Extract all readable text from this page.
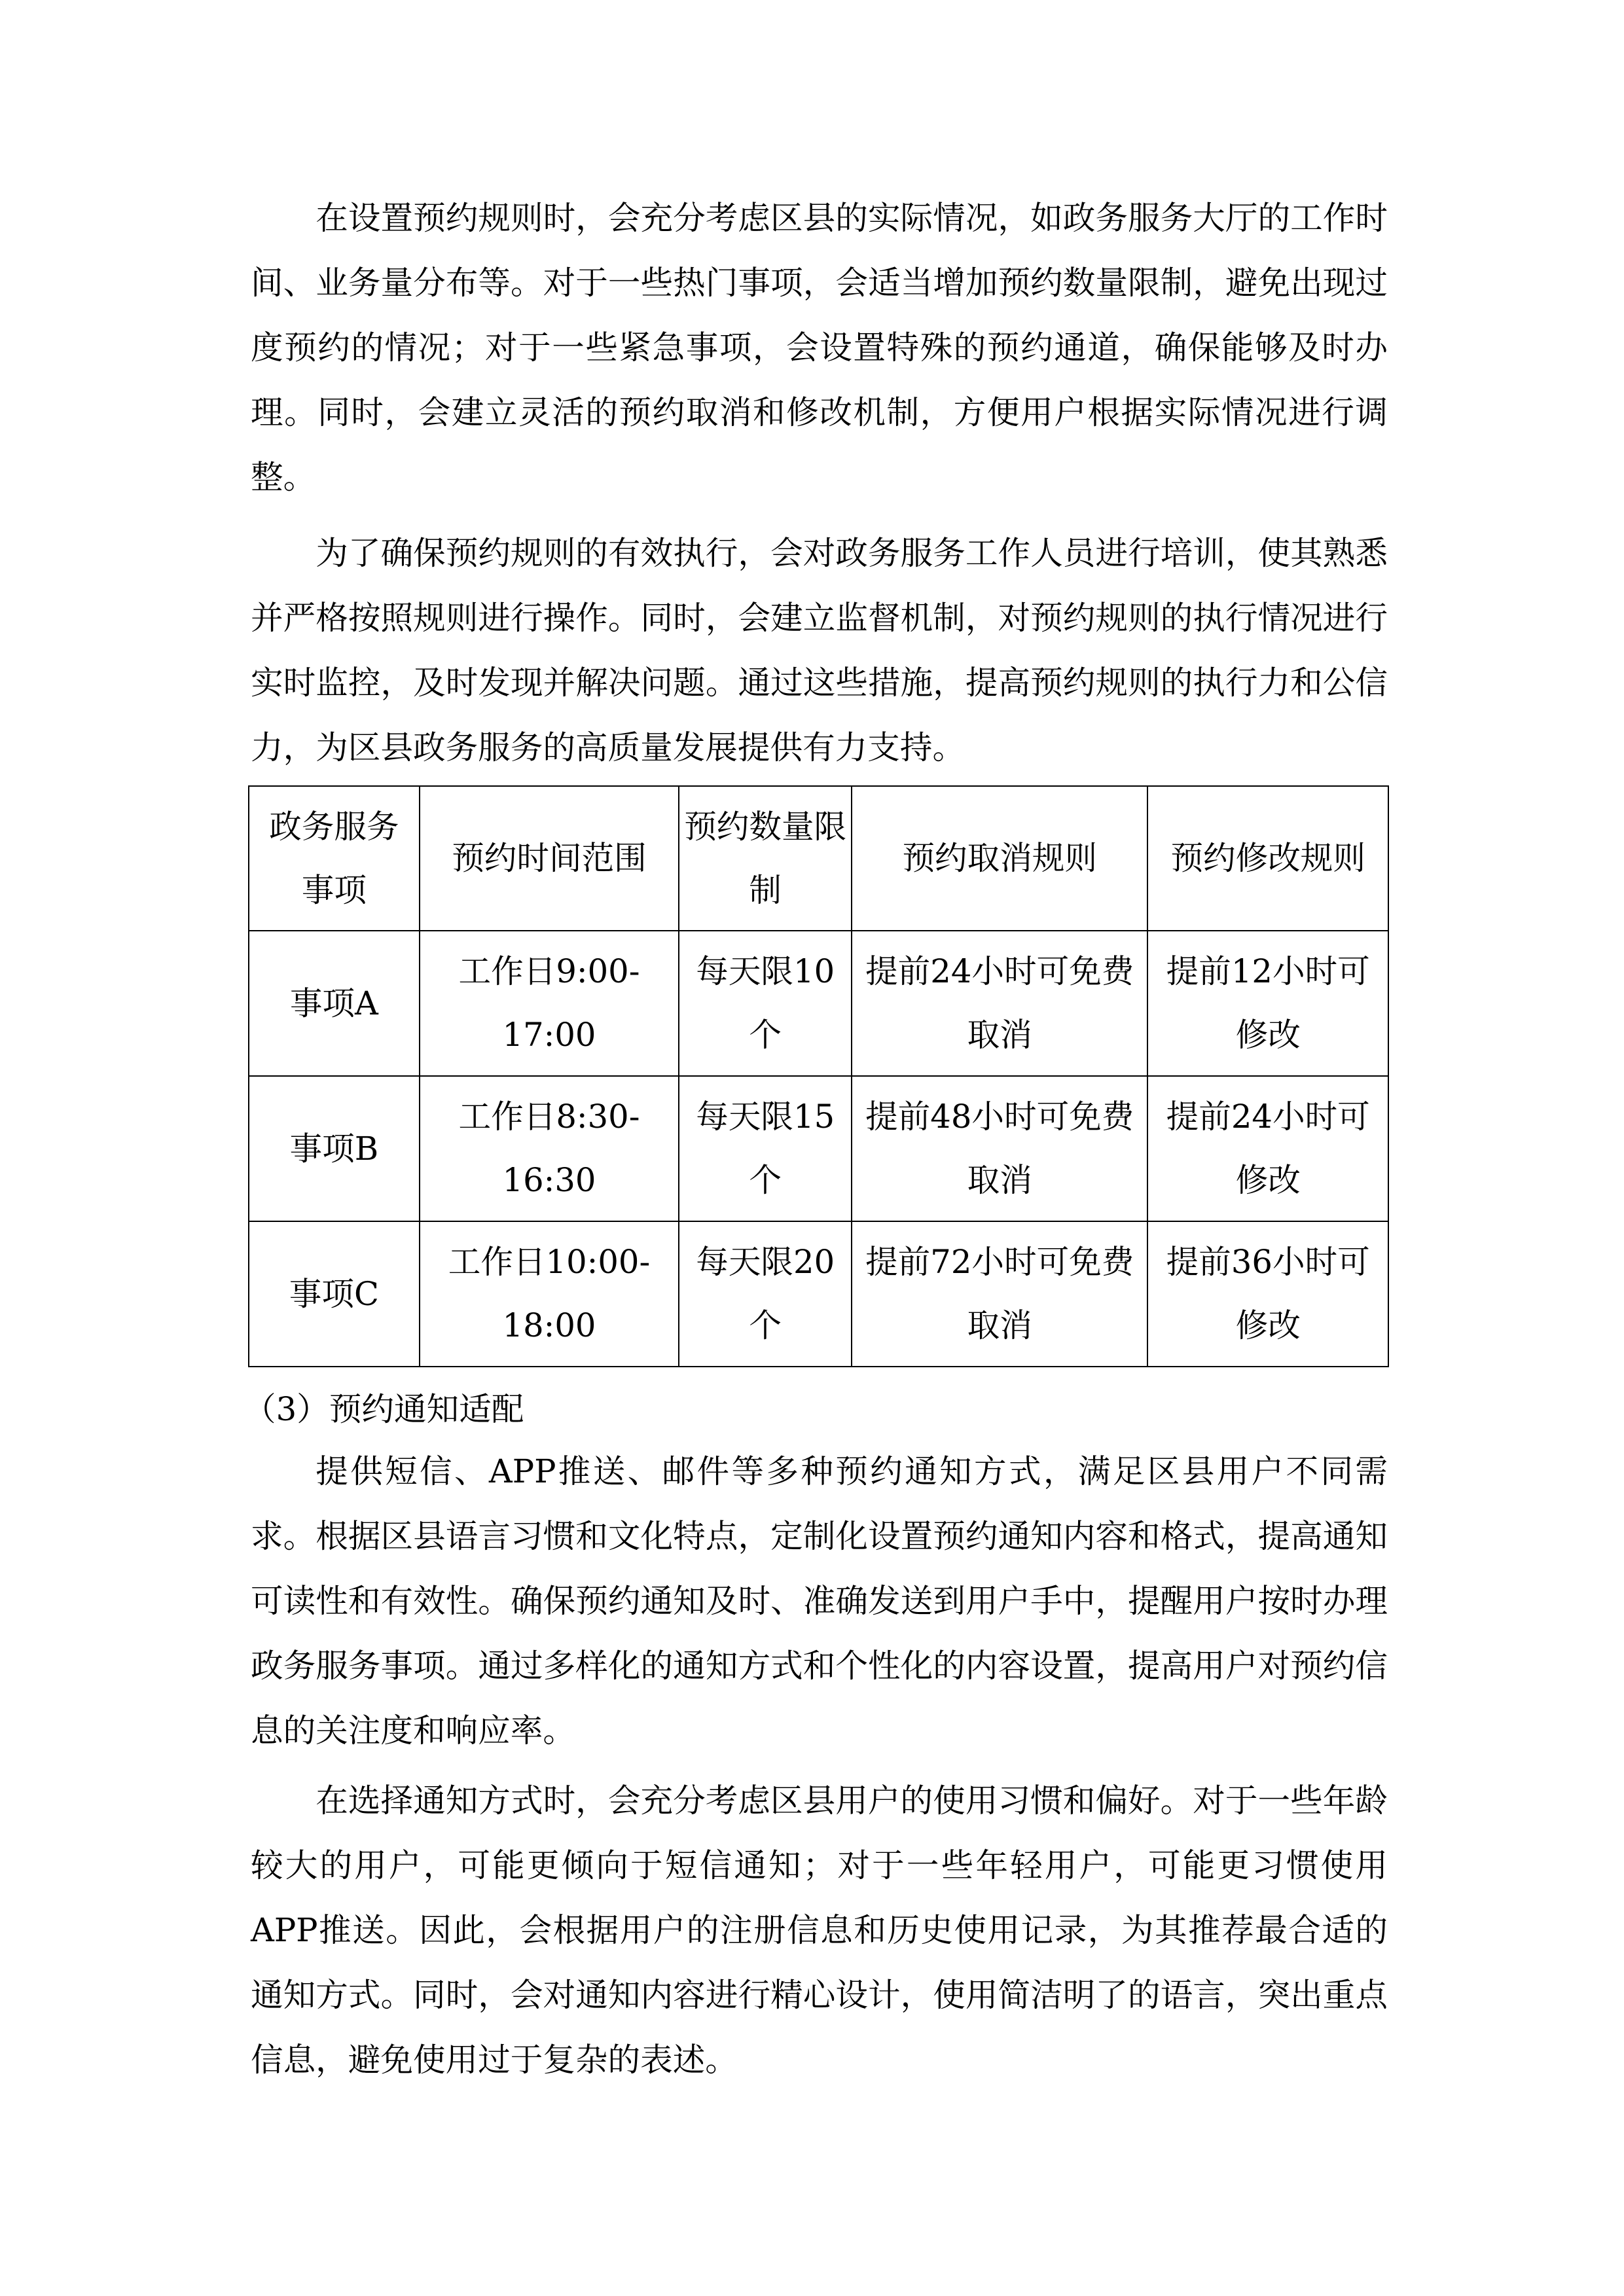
在设置预约规则时，会充分考虑区县的实际情况，如政务服务大厅的工作时间、业务量分布等。对于一些热门事项，会适当增加预约数量限制，避免出现过度预约的情况；对于一些紧急事项，会设置特殊的预约通道，确保能够及时办理。同时，会建立灵活的预约取消和修改机制，方便用户根据实际情况进行调整。

为了确保预约规则的有效执行，会对政务服务工作人员进行培训，使其熟悉并严格按照规则进行操作。同时，会建立监督机制，对预约规则的执行情况进行实时监控，及时发现并解决问题。通过这些措施，提高预约规则的执行力和公信力，为区县政务服务的高质量发展提供有力支持。

政务服务事项	预约时间范围	预约数量限制	预约取消规则	预约修改规则
事项A	工作日9:00-17:00	每天限10个	提前24小时可免费取消	提前12小时可修改
事项B	工作日8:30-16:30	每天限15个	提前48小时可免费取消	提前24小时可修改
事项C	工作日10:00-18:00	每天限20个	提前72小时可免费取消	提前36小时可修改

（3）预约通知适配

提供短信、APP推送、邮件等多种预约通知方式，满足区县用户不同需求。根据区县语言习惯和文化特点，定制化设置预约通知内容和格式，提高通知可读性和有效性。确保预约通知及时、准确发送到用户手中，提醒用户按时办理政务服务事项。通过多样化的通知方式和个性化的内容设置，提高用户对预约信息的关注度和响应率。

在选择通知方式时，会充分考虑区县用户的使用习惯和偏好。对于一些年龄较大的用户，可能更倾向于短信通知；对于一些年轻用户，可能更习惯使用APP推送。因此，会根据用户的注册信息和历史使用记录，为其推荐最合适的通知方式。同时，会对通知内容进行精心设计，使用简洁明了的语言，突出重点信息，避免使用过于复杂的表述。
